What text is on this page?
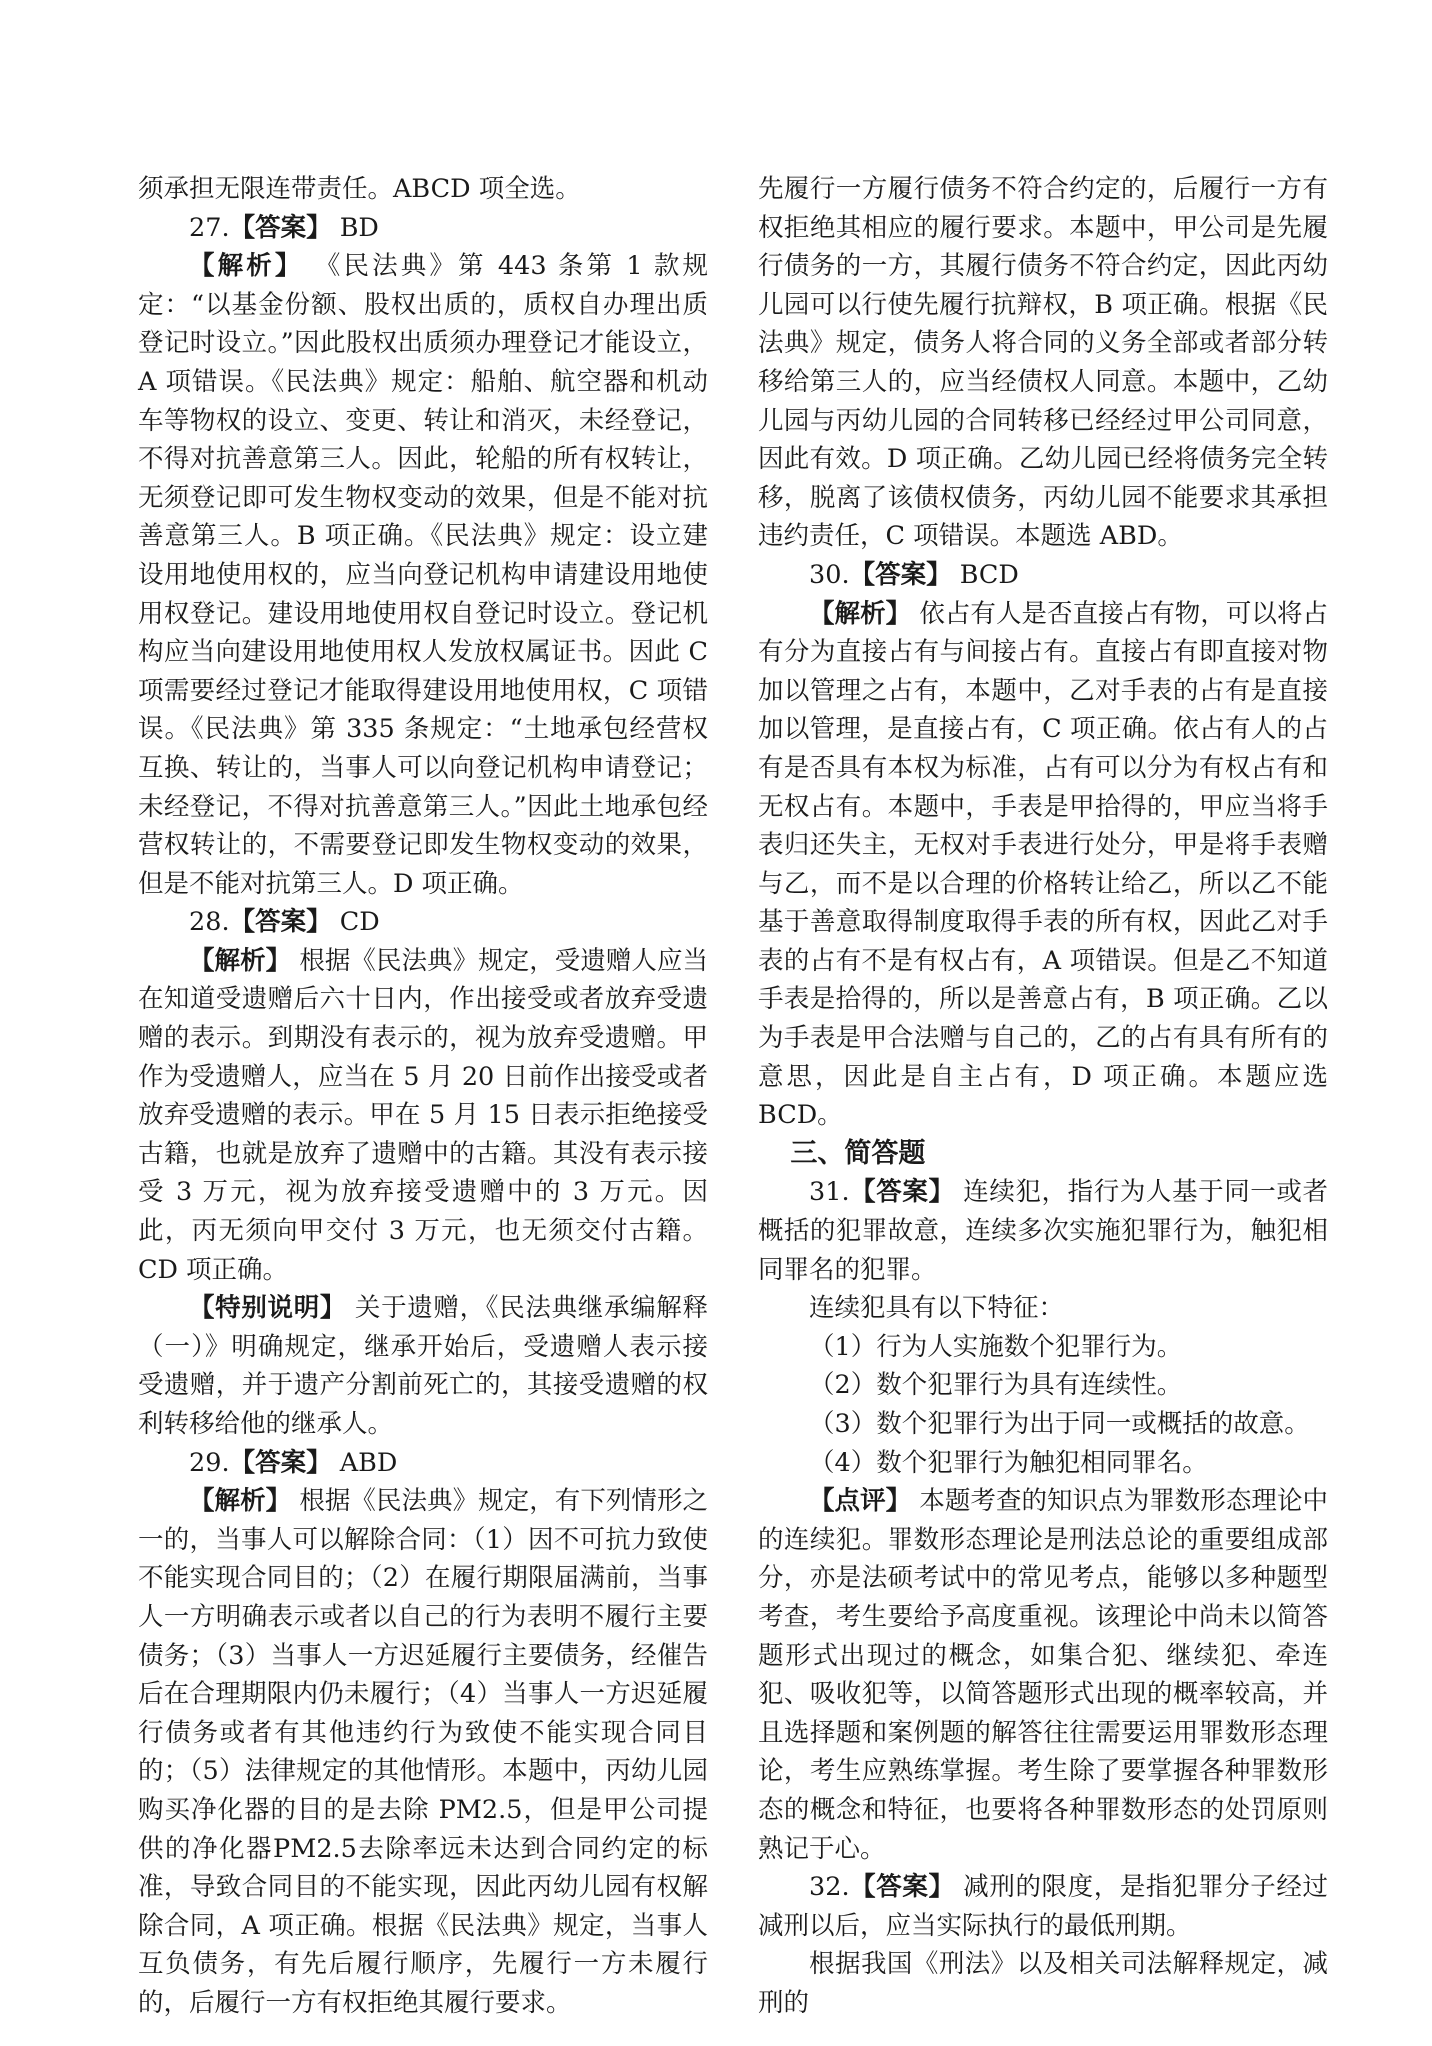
须承担无限连带责任。ABCD 项全选。

27.【答案】 BD

【解析】 《民法典》第 443 条第 1 款规定：“以基金份额、股权出质的，质权自办理出质登记时设立。”因此股权出质须办理登记才能设立，A 项错误。《民法典》规定：船舶、航空器和机动车等物权的设立、变更、转让和消灭，未经登记，不得对抗善意第三人。因此，轮船的所有权转让，无须登记即可发生物权变动的效果，但是不能对抗善意第三人。B 项正确。《民法典》规定：设立建设用地使用权的，应当向登记机构申请建设用地使用权登记。建设用地使用权自登记时设立。登记机构应当向建设用地使用权人发放权属证书。因此 C 项需要经过登记才能取得建设用地使用权，C 项错误。《民法典》第 335 条规定：“土地承包经营权互换、转让的，当事人可以向登记机构申请登记；未经登记，不得对抗善意第三人。”因此土地承包经营权转让的，不需要登记即发生物权变动的效果，但是不能对抗第三人。D 项正确。

28.【答案】 CD

【解析】 根据《民法典》规定，受遗赠人应当在知道受遗赠后六十日内，作出接受或者放弃受遗赠的表示。到期没有表示的，视为放弃受遗赠。甲作为受遗赠人，应当在 5 月 20 日前作出接受或者放弃受遗赠的表示。甲在 5 月 15 日表示拒绝接受古籍，也就是放弃了遗赠中的古籍。其没有表示接受 3 万元，视为放弃接受遗赠中的 3 万元。因此，丙无须向甲交付 3 万元，也无须交付古籍。CD 项正确。

【特别说明】 关于遗赠，《民法典继承编解释（一）》明确规定，继承开始后，受遗赠人表示接受遗赠，并于遗产分割前死亡的，其接受遗赠的权利转移给他的继承人。

29.【答案】 ABD

【解析】 根据《民法典》规定，有下列情形之一的，当事人可以解除合同：（1）因不可抗力致使不能实现合同目的；（2）在履行期限届满前，当事人一方明确表示或者以自己的行为表明不履行主要债务；（3）当事人一方迟延履行主要债务，经催告后在合理期限内仍未履行；（4）当事人一方迟延履行债务或者有其他违约行为致使不能实现合同目的；（5）法律规定的其他情形。本题中，丙幼儿园购买净化器的目的是去除 PM2.5，但是甲公司提供的净化器PM2.5去除率远未达到合同约定的标准，导致合同目的不能实现，因此丙幼儿园有权解除合同，A 项正确。根据《民法典》规定，当事人互负债务，有先后履行顺序，先履行一方未履行的，后履行一方有权拒绝其履行要求。

先履行一方履行债务不符合约定的，后履行一方有权拒绝其相应的履行要求。本题中，甲公司是先履行债务的一方，其履行债务不符合约定，因此丙幼儿园可以行使先履行抗辩权，B 项正确。根据《民法典》规定，债务人将合同的义务全部或者部分转移给第三人的，应当经债权人同意。本题中，乙幼儿园与丙幼儿园的合同转移已经经过甲公司同意，因此有效。D 项正确。乙幼儿园已经将债务完全转移，脱离了该债权债务，丙幼儿园不能要求其承担违约责任，C 项错误。本题选 ABD。

30.【答案】 BCD

【解析】 依占有人是否直接占有物，可以将占有分为直接占有与间接占有。直接占有即直接对物加以管理之占有，本题中，乙对手表的占有是直接加以管理，是直接占有，C 项正确。依占有人的占有是否具有本权为标准，占有可以分为有权占有和无权占有。本题中，手表是甲拾得的，甲应当将手表归还失主，无权对手表进行处分，甲是将手表赠与乙，而不是以合理的价格转让给乙，所以乙不能基于善意取得制度取得手表的所有权，因此乙对手表的占有不是有权占有，A 项错误。但是乙不知道手表是拾得的，所以是善意占有，B 项正确。乙以为手表是甲合法赠与自己的，乙的占有具有所有的意思，因此是自主占有，D 项正确。本题应选 BCD。

三、简答题

31.【答案】 连续犯，指行为人基于同一或者概括的犯罪故意，连续多次实施犯罪行为，触犯相同罪名的犯罪。

连续犯具有以下特征：

（1）行为人实施数个犯罪行为。

（2）数个犯罪行为具有连续性。

（3）数个犯罪行为出于同一或概括的故意。

（4）数个犯罪行为触犯相同罪名。

【点评】 本题考查的知识点为罪数形态理论中的连续犯。罪数形态理论是刑法总论的重要组成部分，亦是法硕考试中的常见考点，能够以多种题型考查，考生要给予高度重视。该理论中尚未以简答题形式出现过的概念，如集合犯、继续犯、牵连犯、吸收犯等，以简答题形式出现的概率较高，并且选择题和案例题的解答往往需要运用罪数形态理论，考生应熟练掌握。考生除了要掌握各种罪数形态的概念和特征，也要将各种罪数形态的处罚原则熟记于心。

32.【答案】 减刑的限度，是指犯罪分子经过减刑以后，应当实际执行的最低刑期。

根据我国《刑法》以及相关司法解释规定，减刑的
